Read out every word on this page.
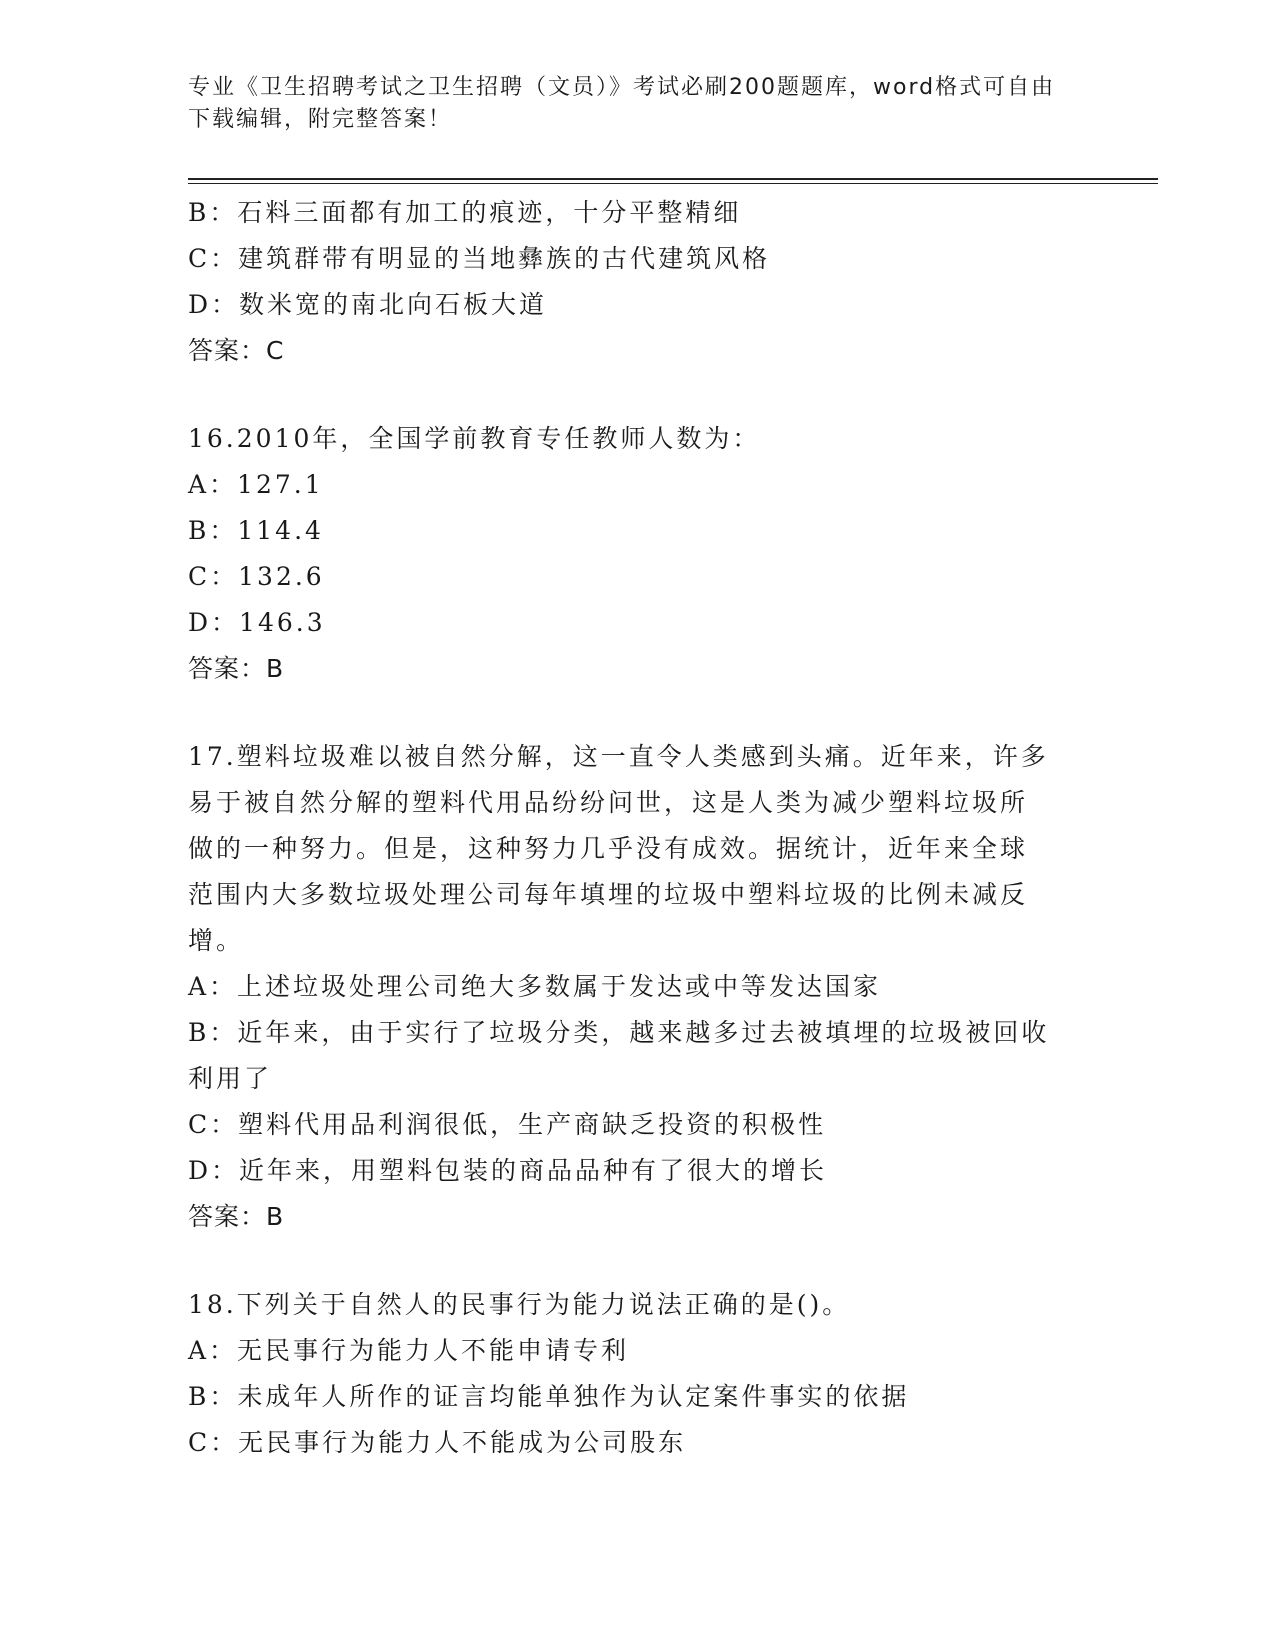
专业《卫生招聘考试之卫生招聘（文员）》考试必刷200题题库，word格式可自由下载编辑，附完整答案！
B：石料三面都有加工的痕迹，十分平整精细
C：建筑群带有明显的当地彝族的古代建筑风格
D：数米宽的南北向石板大道
答案：C
16.2010年，全国学前教育专任教师人数为：
A：127.1
B：114.4
C：132.6
D：146.3
答案：B
17.塑料垃圾难以被自然分解，这一直令人类感到头痛。近年来，许多
易于被自然分解的塑料代用品纷纷问世，这是人类为减少塑料垃圾所
做的一种努力。但是，这种努力几乎没有成效。据统计，近年来全球
范围内大多数垃圾处理公司每年填埋的垃圾中塑料垃圾的比例未减反
增。
A：上述垃圾处理公司绝大多数属于发达或中等发达国家
B：近年来，由于实行了垃圾分类，越来越多过去被填埋的垃圾被回收
利用了
C：塑料代用品利润很低，生产商缺乏投资的积极性
D：近年来，用塑料包装的商品品种有了很大的增长
答案：B
18.下列关于自然人的民事行为能力说法正确的是()。
A：无民事行为能力人不能申请专利
B：未成年人所作的证言均能单独作为认定案件事实的依据
C：无民事行为能力人不能成为公司股东
